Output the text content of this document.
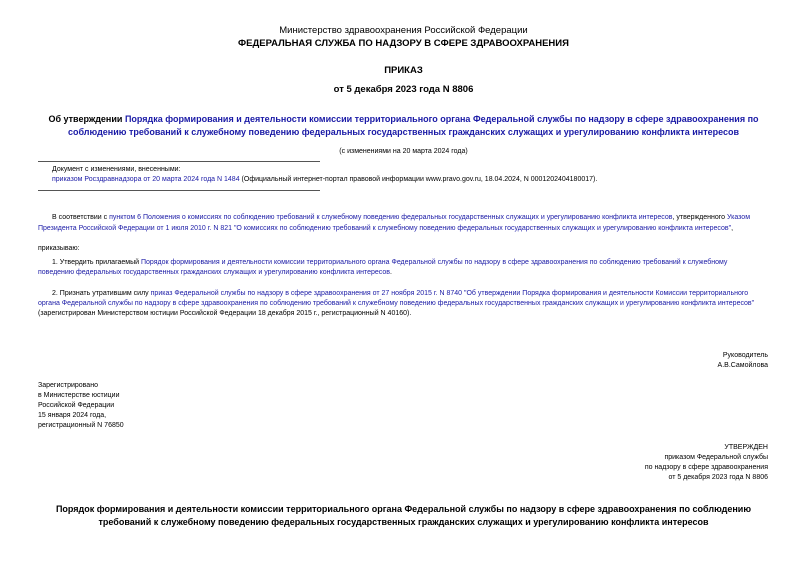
Министерство здравоохранения Российской Федерации
ФЕДЕРАЛЬНАЯ СЛУЖБА ПО НАДЗОРУ В СФЕРЕ ЗДРАВООХРАНЕНИЯ
ПРИКАЗ
от 5 декабря 2023 года N 8806
Об утверждении Порядка формирования и деятельности комиссии территориального органа Федеральной службы по надзору в сфере здравоохранения по
соблюдению требований к служебному поведению федеральных государственных гражданских служащих и урегулированию конфликта интересов
(с изменениями на 20 марта 2024 года)
Документ с изменениями, внесенными:
приказом Росздравнадзора от 20 марта 2024 года N 1484 (Официальный интернет-портал правовой информации www.pravo.gov.ru, 18.04.2024, N 0001202404180017).
В соответствии с пунктом 6 Положения о комиссиях по соблюдению требований к служебному поведению федеральных государственных служащих и урегулированию конфликта интересов, утвержденного Указом
Президента Российской Федерации от 1 июля 2010 г. N 821 "О комиссиях по соблюдению требований к служебному поведению федеральных государственных служащих и урегулированию конфликта интересов",
приказываю:
1. Утвердить прилагаемый Порядок формирования и деятельности комиссии территориального органа Федеральной службы по надзору в сфере здравоохранения по соблюдению требований к служебному
поведению федеральных государственных гражданских служащих и урегулированию конфликта интересов.
2. Признать утратившим силу приказ Федеральной службы по надзору в сфере здравоохранения от 27 ноября 2015 г. N 8740 "Об утверждении Порядка формирования и деятельности Комиссии территориального
органа Федеральной службы по надзору в сфере здравоохранения по соблюдению требований к служебному поведению федеральных государственных гражданских служащих и урегулированию конфликта интересов"
(зарегистрирован Министерством юстиции Российской Федерации 18 декабря 2015 г., регистрационный N 40160).
Руководитель
А.В.Самойлова
Зарегистрировано
в Министерстве юстиции
Российской Федерации
15 января 2024 года,
регистрационный N 76850
УТВЕРЖДЕН
приказом Федеральной службы
по надзору в сфере здравоохранения
от 5 декабря 2023 года N 8806
Порядок формирования и деятельности комиссии территориального органа Федеральной службы по надзору в сфере здравоохранения по соблюдению
требований к служебному поведению федеральных государственных гражданских служащих и урегулированию конфликта интересов
